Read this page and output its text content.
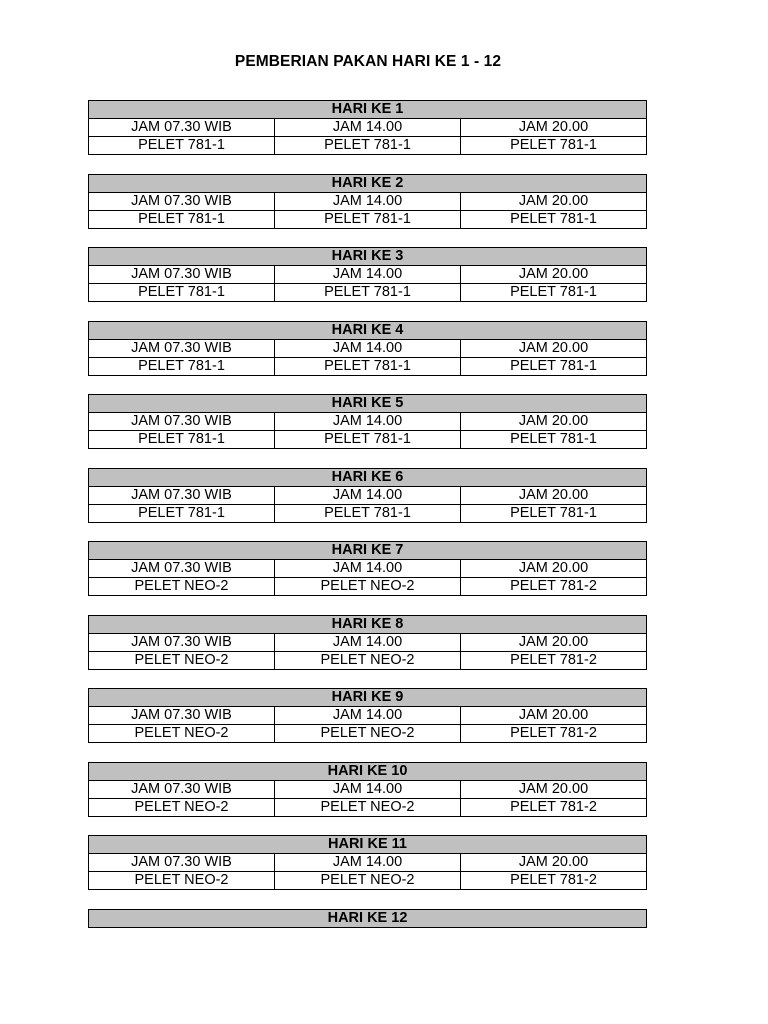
PEMBERIAN PAKAN HARI KE 1 - 12
HARI KE 1		
JAM 07.30 WIB	JAM 14.00	JAM 20.00
PELET 781-1	PELET 781-1	PELET 781-1
HARI KE 2		
JAM 07.30 WIB	JAM 14.00	JAM 20.00
PELET 781-1	PELET 781-1	PELET 781-1
HARI KE 3		
JAM 07.30 WIB	JAM 14.00	JAM 20.00
PELET 781-1	PELET 781-1	PELET 781-1
HARI KE 4		
JAM 07.30 WIB	JAM 14.00	JAM 20.00
PELET 781-1	PELET 781-1	PELET 781-1
HARI KE 5		
JAM 07.30 WIB	JAM 14.00	JAM 20.00
PELET 781-1	PELET 781-1	PELET 781-1
HARI KE 6		
JAM 07.30 WIB	JAM 14.00	JAM 20.00
PELET 781-1	PELET 781-1	PELET 781-1
HARI KE 7		
JAM 07.30 WIB	JAM 14.00	JAM 20.00
PELET NEO-2	PELET NEO-2	PELET 781-2
HARI KE 8		
JAM 07.30 WIB	JAM 14.00	JAM 20.00
PELET NEO-2	PELET NEO-2	PELET 781-2
HARI KE 9		
JAM 07.30 WIB	JAM 14.00	JAM 20.00
PELET NEO-2	PELET NEO-2	PELET 781-2
HARI KE 10		
JAM 07.30 WIB	JAM 14.00	JAM 20.00
PELET NEO-2	PELET NEO-2	PELET 781-2
HARI KE 11		
JAM 07.30 WIB	JAM 14.00	JAM 20.00
PELET NEO-2	PELET NEO-2	PELET 781-2
HARI KE 12
